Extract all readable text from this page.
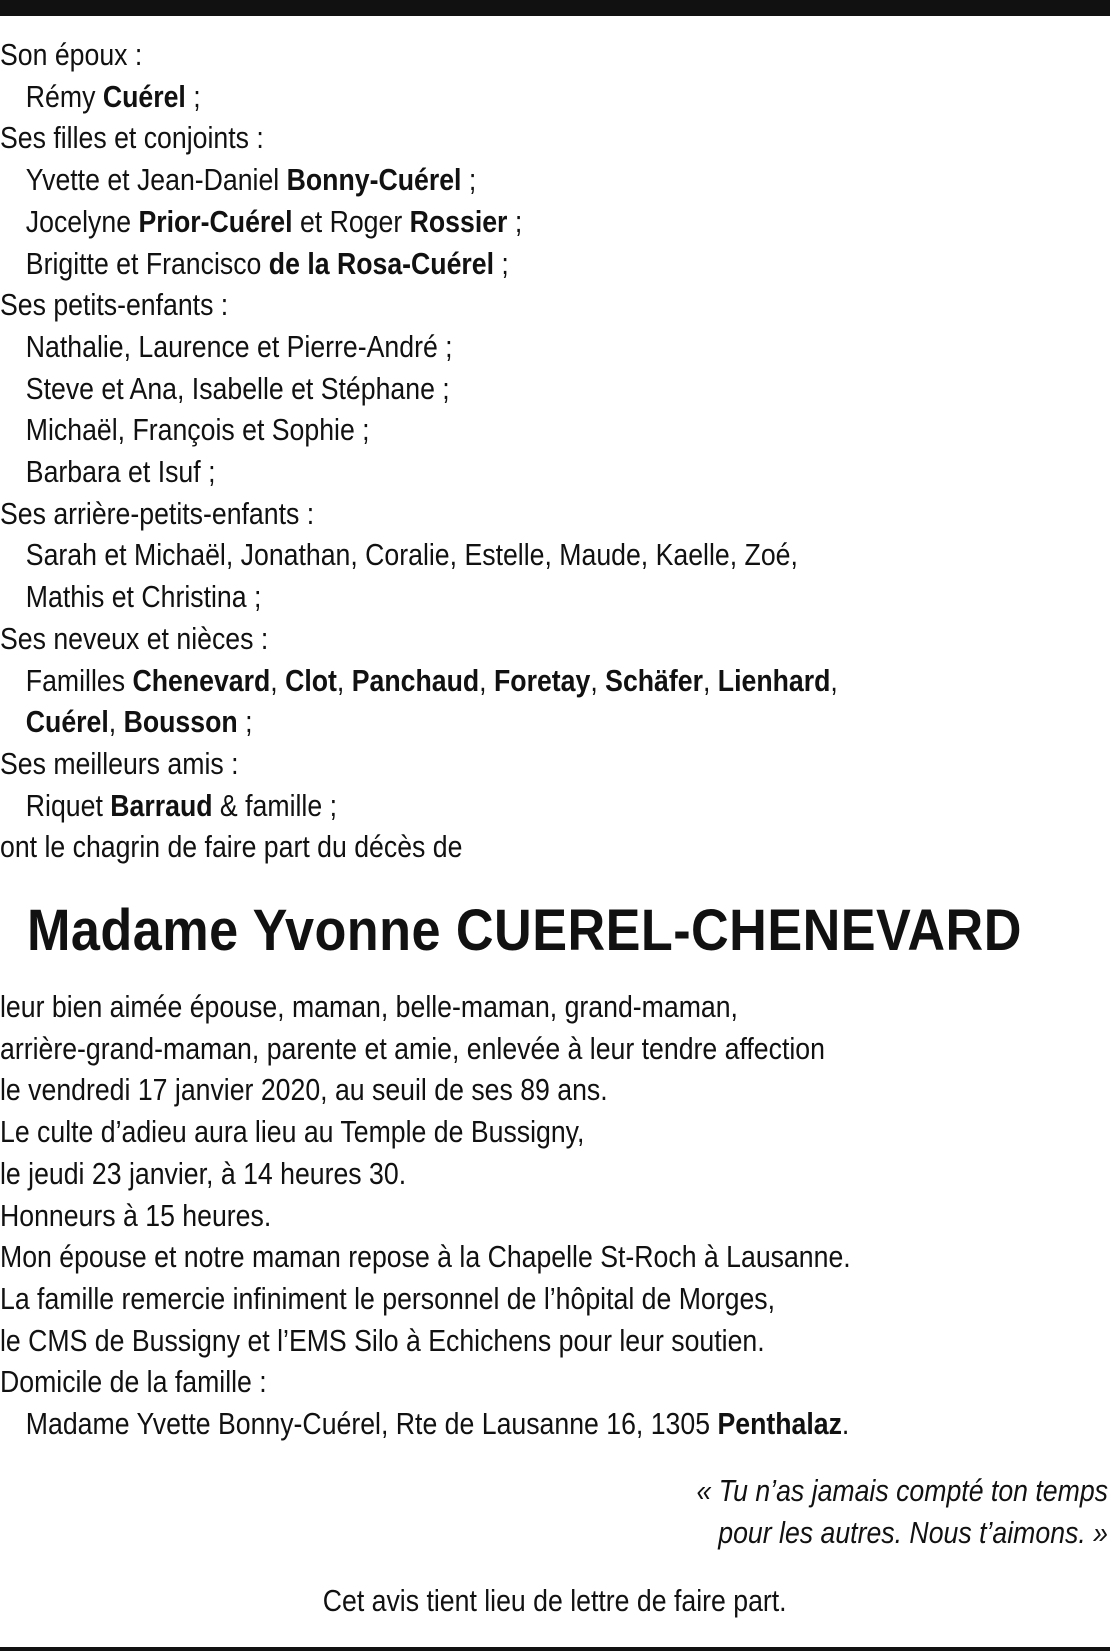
Son époux :
Rémy Cuérel ;
Ses filles et conjoints :
Yvette et Jean-Daniel Bonny-Cuérel ;
Jocelyne Prior-Cuérel et Roger Rossier ;
Brigitte et Francisco de la Rosa-Cuérel ;
Ses petits-enfants :
Nathalie, Laurence et Pierre-André ;
Steve et Ana, Isabelle et Stéphane ;
Michaël, François et Sophie ;
Barbara et Isuf ;
Ses arrière-petits-enfants :
Sarah et Michaël, Jonathan, Coralie, Estelle, Maude, Kaelle, Zoé,
Mathis et Christina ;
Ses neveux et nièces :
Familles Chenevard, Clot, Panchaud, Foretay, Schäfer, Lienhard,
Cuérel, Bousson ;
Ses meilleurs amis :
Riquet Barraud & famille ;
ont le chagrin de faire part du décès de
Madame Yvonne CUEREL-CHENEVARD
leur bien aimée épouse, maman, belle-maman, grand-maman,
arrière-grand-maman, parente et amie, enlevée à leur tendre affection
le vendredi 17 janvier 2020, au seuil de ses 89 ans.
Le culte d’adieu aura lieu au Temple de Bussigny,
le jeudi 23 janvier, à 14 heures 30.
Honneurs à 15 heures.
Mon épouse et notre maman repose à la Chapelle St-Roch à Lausanne.
La famille remercie infiniment le personnel de l’hôpital de Morges,
le CMS de Bussigny et l’EMS Silo à Echichens pour leur soutien.
Domicile de la famille :
Madame Yvette Bonny-Cuérel, Rte de Lausanne 16, 1305 Penthalaz.
« Tu n’as jamais compté ton temps
pour les autres. Nous t’aimons. »
Cet avis tient lieu de lettre de faire part.
